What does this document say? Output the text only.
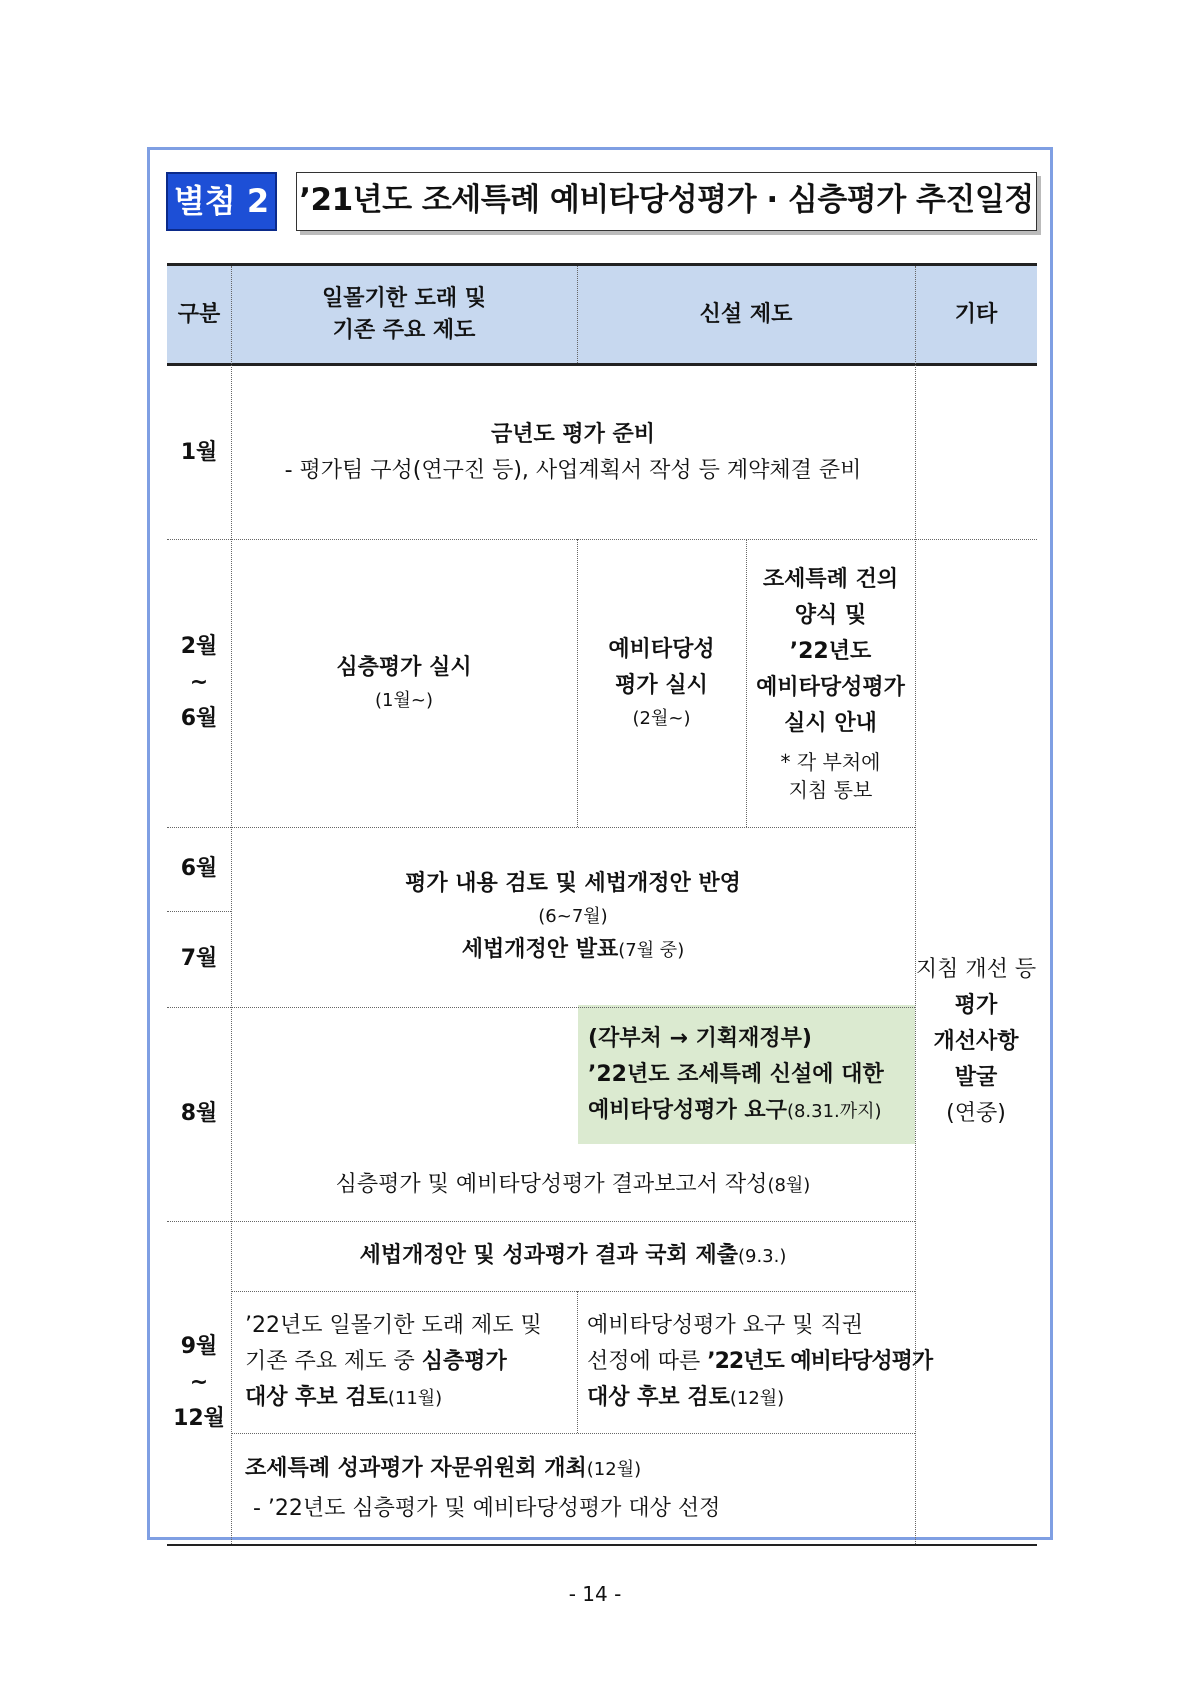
별첨 2 ’21년도 조세특례 예비타당성평가 · 심층평가 추진일정
구분
일몰기한 도래 및
기존 주요 제도
신설 제도	기타
1월
금년도 평가 준비
- 평가팀 구성(연구진 등), 사업계획서 작성 등 계약체결 준비
2월
~
6월
심층평가 실시
(1월~)
예비타당성
평가 실시
(2월~)
조세특례 건의
양식 및
’22년도
예비타당성평가
실시 안내
* 각 부처에
지침 통보
6월
7월
평가 내용 검토 및 세법개정안 반영
(6~7월)
세법개정안 발표(7월 중)
지침 개선 등
평가
개선사항
발굴
(연중)
8월
(각부처 → 기획재정부)
’22년도 조세특례 신설에 대한
예비타당성평가 요구(8.31.까지)
심층평가 및 예비타당성평가 결과보고서 작성(8월)
9월
~
12월
세법개정안 및 성과평가 결과 국회 제출(9.3.)
’22년도 일몰기한 도래 제도 및
기존 주요 제도 중 심층평가
대상 후보 검토(11월)
예비타당성평가 요구 및 직권
선정에 따른 ’22년도 예비타당성평가
대상 후보 검토(12월)
조세특례 성과평가 자문위원회 개최(12월)
- ’22년도 심층평가 및 예비타당성평가 대상 선정
- 14 -
